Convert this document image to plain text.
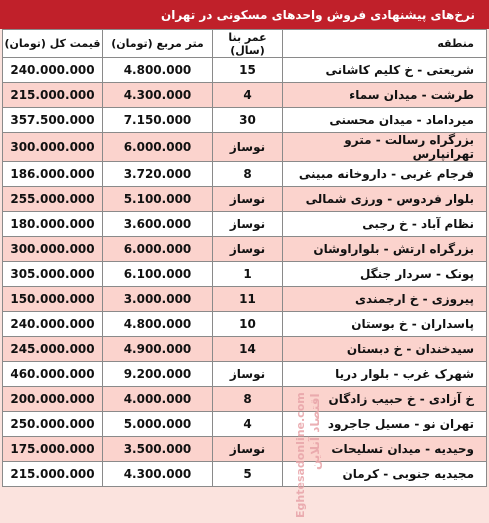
نرخ‌های پیشنهادی فروش واحدهای مسکونی در تهران
قیمت کل (تومان)	متر مربع (تومان)	عمر بنا (سال)	منطقه
240.000.000	4.800.000	15	شریعتی - خ کلیم کاشانی
215.000.000	4.300.000	4	طرشت - میدان سماء
357.500.000	7.150.000	30	میرداماد - میدان محسنی
300.000.000	6.000.000	نوساز	بزرگراه رسالت - مترو تهرانپارس
186.000.000	3.720.000	8	فرجام غربی - داروخانه مبینی
255.000.000	5.100.000	نوساز	بلوار فردوس - ورزی شمالی
180.000.000	3.600.000	نوساز	نظام آباد - خ رجبی
300.000.000	6.000.000	نوساز	بزرگراه ارتش - بلواراوشان
305.000.000	6.100.000	1	پونک - سردار جنگل
150.000.000	3.000.000	11	پیروزی - خ ارجمندی
240.000.000	4.800.000	10	پاسداران - خ بوستان
245.000.000	4.900.000	14	سیدخندان - خ دبستان
460.000.000	9.200.000	نوساز	شهرک غرب - بلوار دریا
200.000.000	4.000.000	8	خ آزادی - خ حبیب زادگان
250.000.000	5.000.000	4	تهران نو - مسیل جاجرود
175.000.000	3.500.000	نوساز	وحیدیه - میدان تسلیحات
215.000.000	4.300.000	5	مجیدیه جنوبی - کرمان
Eghtesadonline.com اقتصاد آنلاین
